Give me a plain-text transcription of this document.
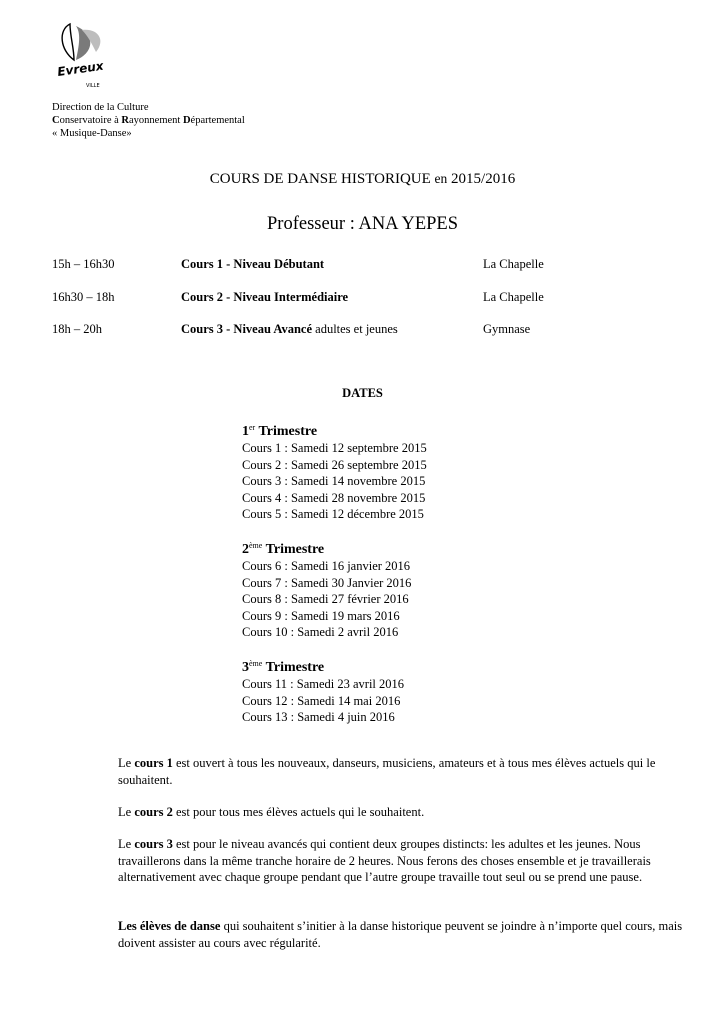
Evreux
VILLE
Direction de la Culture
Conservatoire à Rayonnement Départemental
« Musique-Danse»
COURS DE DANSE HISTORIQUE en 2015/2016
Professeur : ANA YEPES
15h – 16h30	Cours 1 - Niveau Débutant	La Chapelle
16h30 – 18h	Cours 2 - Niveau Intermédiaire	La Chapelle
18h – 20h	Cours 3 - Niveau Avancé adultes et jeunes	Gymnase
DATES
1er Trimestre
Cours 1 : Samedi 12 septembre 2015
Cours 2 : Samedi 26 septembre 2015
Cours 3 : Samedi 14 novembre 2015
Cours 4 : Samedi 28 novembre 2015
Cours 5 : Samedi 12 décembre 2015
2ème Trimestre
Cours 6 : Samedi 16 janvier 2016
Cours 7 : Samedi 30 Janvier 2016
Cours 8 : Samedi 27 février 2016
Cours 9 : Samedi 19 mars 2016
Cours 10 : Samedi 2 avril 2016
3ème Trimestre
Cours 11 : Samedi 23 avril 2016
Cours 12 : Samedi 14 mai 2016
Cours 13 : Samedi 4 juin 2016
Le cours 1 est ouvert à tous les nouveaux, danseurs, musiciens, amateurs et à tous mes élèves actuels qui le souhaitent.
Le cours 2 est pour tous mes élèves actuels qui le souhaitent.
Le cours 3 est pour le niveau avancés qui contient deux groupes distincts: les adultes et les jeunes. Nous travaillerons dans la même tranche horaire de 2 heures. Nous ferons des choses ensemble et je travaillerais alternativement avec chaque groupe pendant que l’autre groupe travaille tout seul ou se prend une pause.
Les élèves de danse qui souhaitent s’initier à la danse historique peuvent se joindre à n’importe quel cours, mais doivent assister au cours avec régularité.
